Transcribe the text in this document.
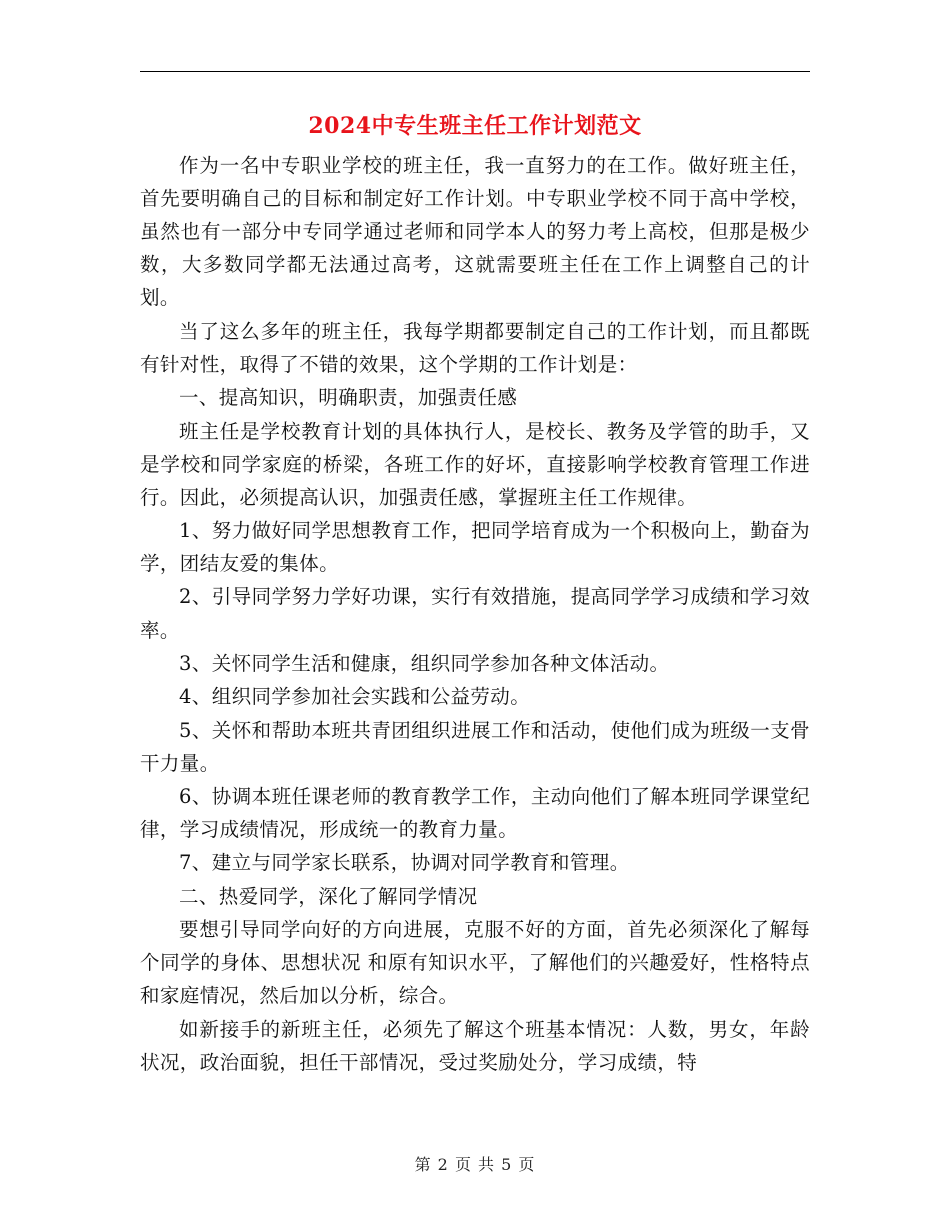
2024中专生班主任工作计划范文

作为一名中专职业学校的班主任，我一直努力的在工作。做好班主任，首先要明确自己的目标和制定好工作计划。中专职业学校不同于高中学校，虽然也有一部分中专同学通过老师和同学本人的努力考上高校，但那是极少数，大多数同学都无法通过高考，这就需要班主任在工作上调整自己的计划。

当了这么多年的班主任，我每学期都要制定自己的工作计划，而且都既有针对性，取得了不错的效果，这个学期的工作计划是：

一、提高知识，明确职责，加强责任感

班主任是学校教育计划的具体执行人，是校长、教务及学管的助手，又是学校和同学家庭的桥梁，各班工作的好坏，直接影响学校教育管理工作进行。因此，必须提高认识，加强责任感，掌握班主任工作规律。

1、努力做好同学思想教育工作，把同学培育成为一个积极向上，勤奋为学，团结友爱的集体。

2、引导同学努力学好功课，实行有效措施，提高同学学习成绩和学习效率。

3、关怀同学生活和健康，组织同学参加各种文体活动。

4、组织同学参加社会实践和公益劳动。

5、关怀和帮助本班共青团组织进展工作和活动，使他们成为班级一支骨干力量。

6、协调本班任课老师的教育教学工作，主动向他们了解本班同学课堂纪律，学习成绩情况，形成统一的教育力量。

7、建立与同学家长联系，协调对同学教育和管理。

二、热爱同学，深化了解同学情况

要想引导同学向好的方向进展，克服不好的方面，首先必须深化了解每个同学的身体、思想状况 和原有知识水平，了解他们的兴趣爱好，性格特点和家庭情况，然后加以分析，综合。

如新接手的新班主任，必须先了解这个班基本情况：人数，男女，年龄状况，政治面貌，担任干部情况，受过奖励处分，学习成绩，特

第 2 页 共 5 页
